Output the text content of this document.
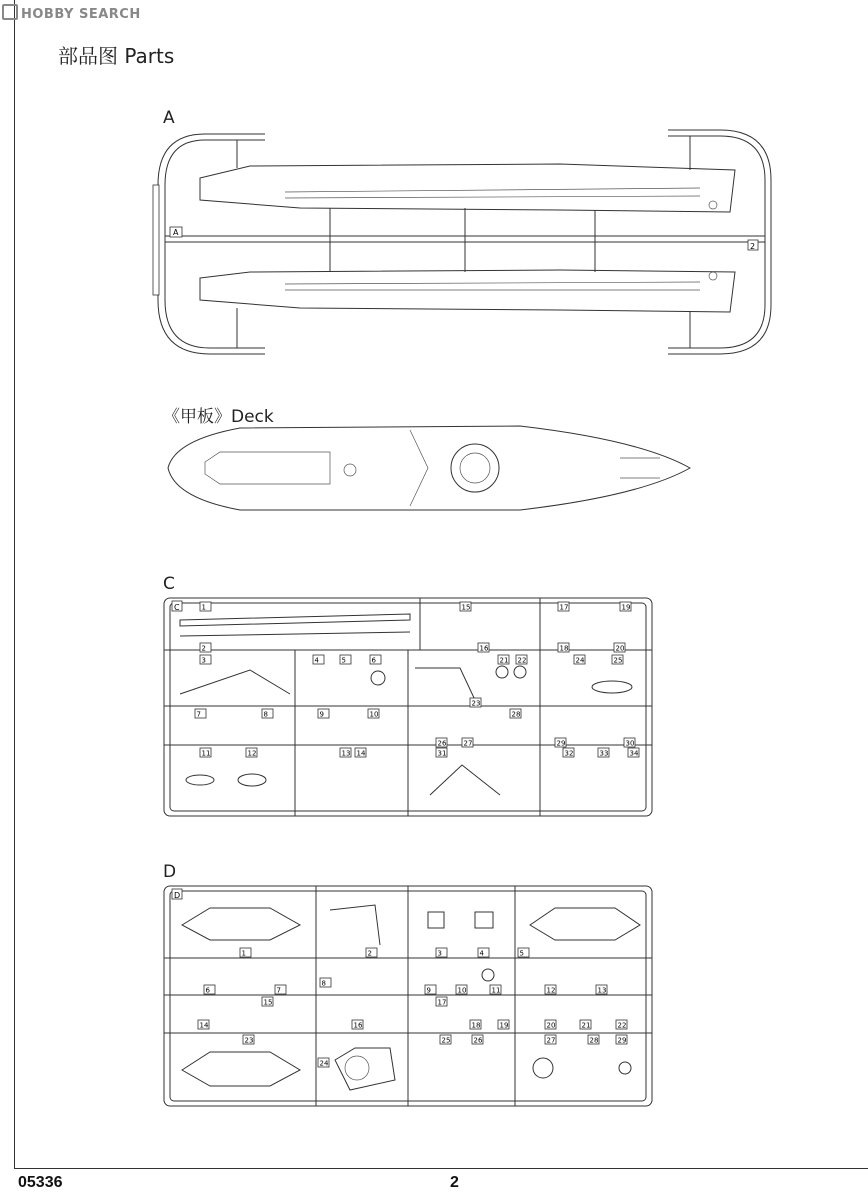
HOBBY SEARCH
部品图 Parts
A
A
2
《甲板》Deck
C
C	1
2
3	4	5	6
7	8	9	10
11	12	13 14
15
16
17
18
19
20
21 22
23
24	25
26 27
28
29	30
31	32	33	34
D
D
1	2	3	4	5
6	7
8
9	10	11	12	13
14
15
16
17
18	19	20	21	22
23
24
25	26	27	28	29
05336	2
